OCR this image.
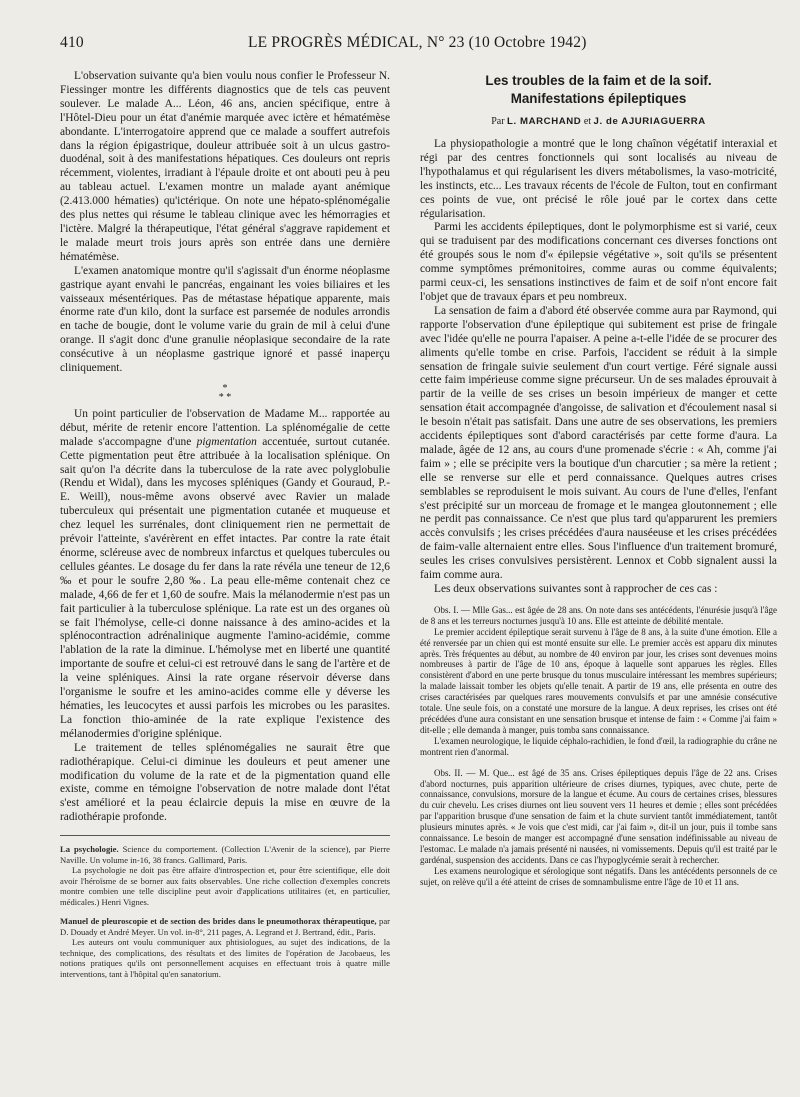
410	LE PROGRÈS MÉDICAL, N° 23 (10 Octobre 1942)

L'observation suivante qu'a bien voulu nous confier le Professeur N. Fiessinger montre les différents diagnostics que de tels cas peuvent soulever. Le malade A... Léon, 46 ans, ancien spécifique, entre à l'Hôtel-Dieu pour un état d'anémie marquée avec ictère et hématémèse abondante. L'interrogatoire apprend que ce malade a souffert autrefois dans la région épigastrique, douleur attribuée soit à un ulcus gastro-duodénal, soit à des manifestations hépatiques. Ces douleurs ont repris récemment, violentes, irradiant à l'épaule droite et ont abouti peu à peu au tableau actuel. L'examen montre un malade ayant anémique (2.413.000 hématies) qu'ictérique. On note une hépato-splénomégalie des plus nettes qui résume le tableau clinique avec les hémorragies et l'ictère. Malgré la thérapeutique, l'état général s'aggrave rapidement et le malade meurt trois jours après son entrée dans une dernière hématémèse.

L'examen anatomique montre qu'il s'agissait d'un énorme néoplasme gastrique ayant envahi le pancréas, engainant les voies biliaires et les vaisseaux mésentériques. Pas de métastase hépatique apparente, mais énorme rate d'un kilo, dont la surface est parsemée de nodules arrondis en tache de bougie, dont le volume varie du grain de mil à celui d'une orange. Il s'agit donc d'une granulie néoplasique secondaire de la rate consécutive à un néoplasme gastrique ignoré et passé inaperçu cliniquement.

*
* *

Un point particulier de l'observation de Madame M... rapportée au début, mérite de retenir encore l'attention. La splénomégalie de cette malade s'accompagne d'une pigmentation accentuée, surtout cutanée. Cette pigmentation peut être attribuée à la localisation splénique. On sait qu'on l'a décrite dans la tuberculose de la rate avec polyglobulie (Rendu et Widal), dans les mycoses spléniques (Gandy et Gouraud, P.-E. Weill), nous-même avons observé avec Ravier un malade tuberculeux qui présentait une pigmentation cutanée et muqueuse et chez lequel les surrénales, dont cliniquement rien ne permettait de prévoir l'atteinte, s'avérèrent en effet intactes. Par contre la rate était énorme, scléreuse avec de nombreux infarctus et quelques tubercules ou cellules géantes. Le dosage du fer dans la rate révéla une teneur de 12,6 ‰ et pour le soufre 2,80 ‰. La peau elle-même contenait chez ce malade, 4,66 de fer et 1,60 de soufre. Mais la mélanodermie n'est pas un fait particulier à la tuberculose splénique. La rate est un des organes où se fait l'hémolyse, celle-ci donne naissance à des amino-acides et la splénocontraction adrénalinique augmente l'amino-acidémie, comme l'ablation de la rate la diminue. L'hémolyse met en liberté une quantité importante de soufre et celui-ci est retrouvé dans le sang de l'artère et de la veine spléniques. Ainsi la rate organe réservoir déverse dans l'organisme le soufre et les amino-acides comme elle y déverse les hématies, les leucocytes et aussi parfois les microbes ou les parasites. La fonction thio-aminée de la rate explique l'existence des mélanodermies d'origine splénique.

Le traitement de telles splénomégalies ne saurait être que radiothérapique. Celui-ci diminue les douleurs et peut amener une modification du volume de la rate et de la pigmentation quand elle existe, comme en témoigne l'observation de notre malade dont l'état s'est amélioré et la peau éclaircie depuis la mise en œuvre de la radiothérapie profonde.

La psychologie. Science du comportement. (Collection L'Avenir de la science), par Pierre Naville. Un volume in-16, 38 francs. Gallimard, Paris.

La psychologie ne doit pas être affaire d'introspection et, pour être scientifique, elle doit avoir l'héroïsme de se borner aux faits observables. Une riche collection d'exemples concrets montre combien une telle discipline peut avoir d'applications utilitaires (et, en particulier, médicales.) Henri Vignes.

Manuel de pleuroscopie et de section des brides dans le pneumothorax thérapeutique, par D. Douady et André Meyer. Un vol. in-8°, 211 pages, A. Legrand et J. Bertrand, édit., Paris.

Les auteurs ont voulu communiquer aux phtisiologues, au sujet des indications, de la technique, des complications, des résultats et des limites de l'opération de Jacobaeus, les notions pratiques qu'ils ont personnellement acquises en effectuant trois à quatre mille interventions, tant à l'hôpital qu'en sanatorium.

Les troubles de la faim et de la soif.
Manifestations épileptiques
Par L. MARCHAND et J. de AJURIAGUERRA

La physiopathologie a montré que le long chaînon végétatif interaxial et régi par des centres fonctionnels qui sont localisés au niveau de l'hypothalamus et qui régularisent les divers métabolismes, la vaso-motricité, les instincts, etc... Les travaux récents de l'école de Fulton, tout en confirmant ces points de vue, ont précisé le rôle joué par le cortex dans cette régularisation.

Parmi les accidents épileptiques, dont le polymorphisme est si varié, ceux qui se traduisent par des modifications concernant ces diverses fonctions ont été groupés sous le nom d'« épilepsie végétative », soit qu'ils se présentent comme symptômes prémonitoires, comme auras ou comme équivalents; parmi ceux-ci, les sensations instinctives de faim et de soif n'ont encore fait l'objet que de travaux épars et peu nombreux.

La sensation de faim a d'abord été observée comme aura par Raymond, qui rapporte l'observation d'une épileptique qui subitement est prise de fringale avec l'idée qu'elle ne pourra l'apaiser. A peine a-t-elle l'idée de se procurer des aliments qu'elle tombe en crise. Parfois, l'accident se réduit à la simple sensation de fringale suivie seulement d'un court vertige. Féré signale aussi cette faim impérieuse comme signe précurseur. Un de ses malades éprouvait à partir de la veille de ses crises un besoin impérieux de manger et cette sensation était accompagnée d'angoisse, de salivation et d'écoulement nasal si le besoin n'était pas satisfait. Dans une autre de ses observations, les premiers accidents épileptiques sont d'abord caractérisés par cette forme d'aura. La malade, âgée de 12 ans, au cours d'une promenade s'écrie : « Ah, comme j'ai faim » ; elle se précipite vers la boutique d'un charcutier ; sa mère la retient ; elle se renverse sur elle et perd connaissance. Quelques autres crises semblables se reproduisent le mois suivant. Au cours de l'une d'elles, l'enfant s'est précipité sur un morceau de fromage et le mangea gloutonnement ; elle ne perdit pas connaissance. Ce n'est que plus tard qu'apparurent les premiers accès convulsifs ; les crises précédées d'aura nauséeuse et les crises précédées de faim-valle alternaient entre elles. Sous l'influence d'un traitement bromuré, seules les crises convulsives persistèrent. Lennox et Cobb signalent aussi la faim comme aura.

Les deux observations suivantes sont à rapprocher de ces cas :

Obs. I. — Mlle Gas... est âgée de 28 ans. On note dans ses antécédents, l'énurésie jusqu'à l'âge de 8 ans et les terreurs nocturnes jusqu'à 10 ans. Elle est atteinte de débilité mentale.

Le premier accident épileptique serait survenu à l'âge de 8 ans, à la suite d'une émotion. Elle a été renversée par un chien qui est monté ensuite sur elle. Le premier accès est apparu dix minutes après. Très fréquentes au début, au nombre de 40 environ par jour, les crises sont devenues moins nombreuses à partir de l'âge de 10 ans, époque à laquelle sont apparues les règles. Elles consistèrent d'abord en une perte brusque du tonus musculaire intéressant les membres supérieurs; la malade laissait tomber les objets qu'elle tenait. A partir de 19 ans, elle présenta en outre des crises caractérisées par quelques rares mouvements convulsifs et par une amnésie consécutive totale. Une seule fois, on a constaté une morsure de la langue. A deux reprises, les crises ont été précédées d'une aura consistant en une sensation brusque et intense de faim : « Comme j'ai faim » dit-elle ; elle demanda à manger, puis tomba sans connaissance.

L'examen neurologique, le liquide céphalo-rachidien, le fond d'œil, la radiographie du crâne ne montrent rien d'anormal.

Obs. II. — M. Que... est âgé de 35 ans. Crises épileptiques depuis l'âge de 22 ans. Crises d'abord nocturnes, puis apparition ultérieure de crises diurnes, typiques, avec chute, perte de connaissance, convulsions, morsure de la langue et écume. Au cours de certaines crises, blessures du cuir chevelu. Les crises diurnes ont lieu souvent vers 11 heures et demie ; elles sont précédées par l'apparition brusque d'une sensation de faim et la chute survient tantôt immédiatement, tantôt plusieurs minutes après. « Je vois que c'est midi, car j'ai faim », dit-il un jour, puis il tombe sans connaissance. Le besoin de manger est accompagné d'une sensation indéfinissable au niveau de l'estomac. Le malade n'a jamais présenté ni nausées, ni vomissements. Depuis qu'il est traité par le gardénal, suspension des accidents. Dans ce cas l'hypoglycémie serait à rechercher.

Les examens neurologique et sérologique sont négatifs. Dans les antécédents personnels de ce sujet, on relève qu'il a été atteint de crises de somnambulisme entre l'âge de 10 et 11 ans.
